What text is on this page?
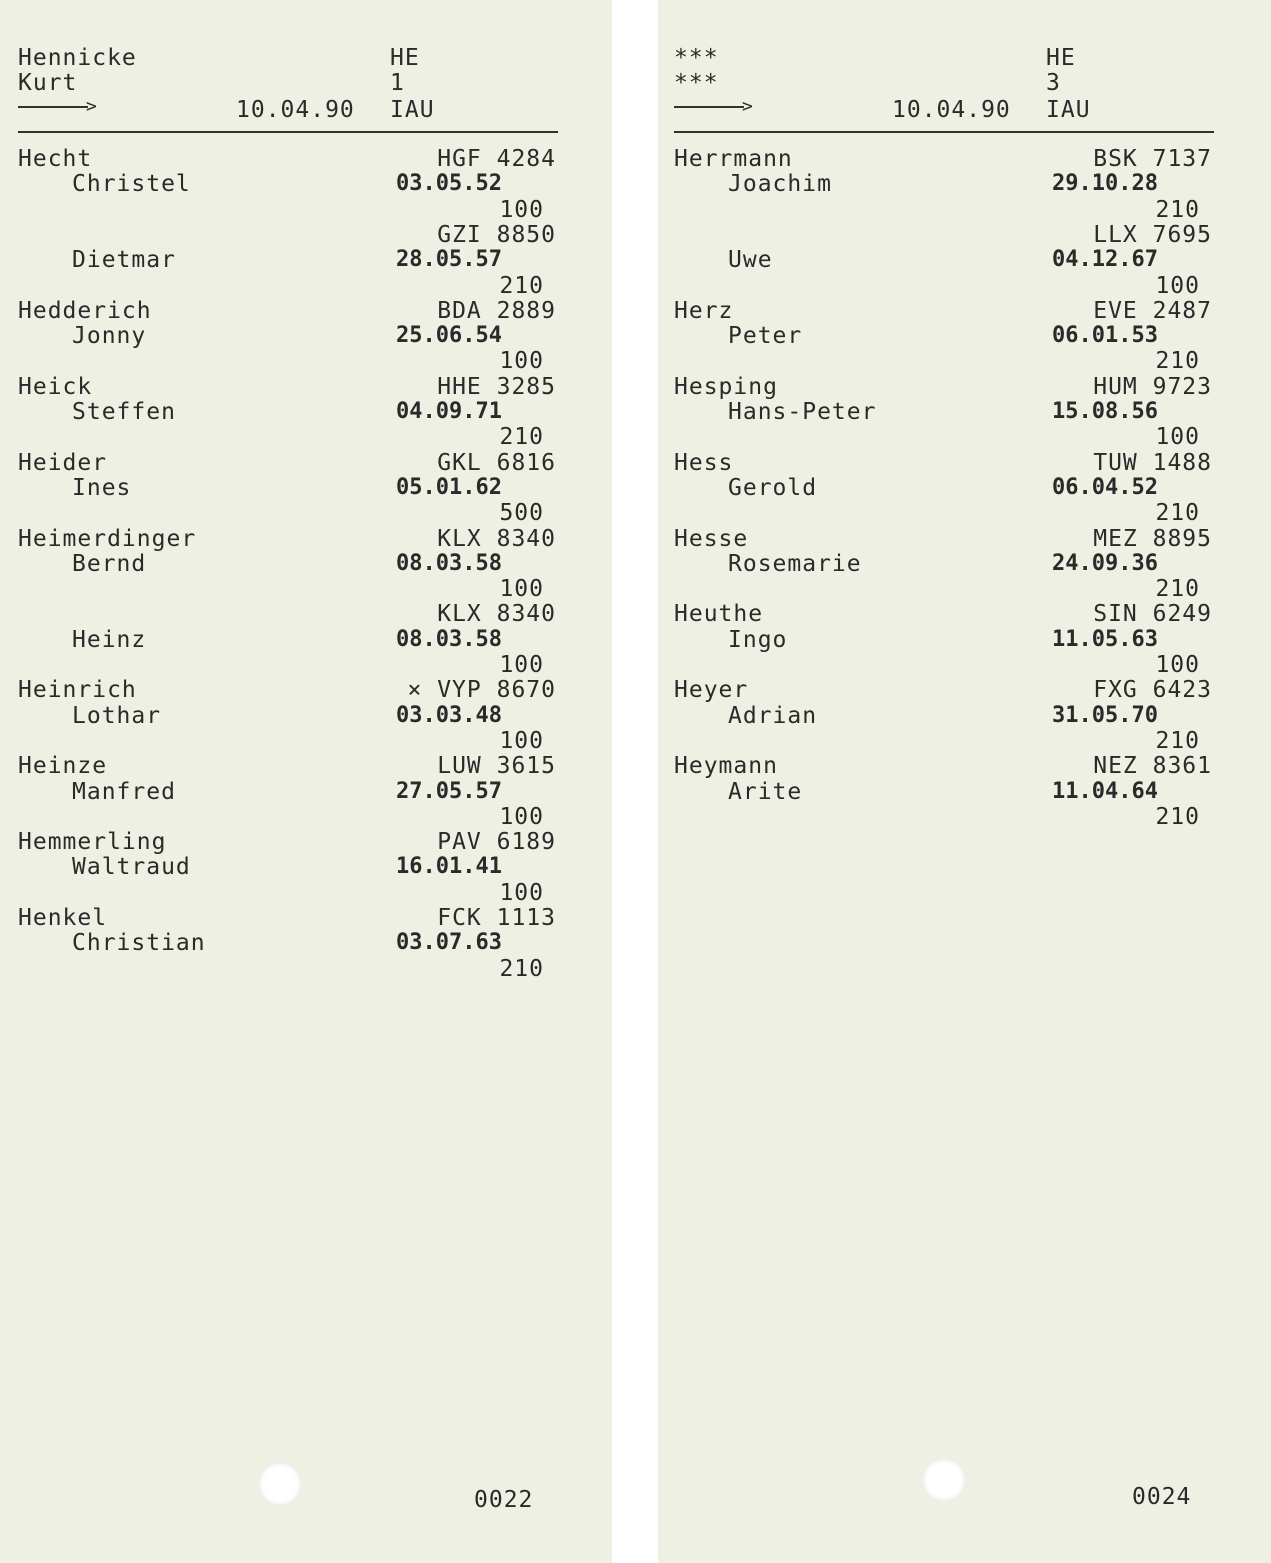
Hennicke
Kurt
>	10.04.90
HE
1
IAU
0022
Hecht	HGF 4284
Christel	03.05.52
100
GZI 8850
Dietmar	28.05.57
210
Hedderich	BDA 2889
Jonny	25.06.54
100
Heick	HHE 3285
Steffen	04.09.71
210
Heider	GKL 6816
Ines	05.01.62
500
Heimerdinger	KLX 8340
Bernd	08.03.58
100
KLX 8340
Heinz	08.03.58
100
Heinrich	× VYP 8670
Lothar	03.03.48
100
Heinze	LUW 3615
Manfred	27.05.57
100
Hemmerling	PAV 6189
Waltraud	16.01.41
100
Henkel	FCK 1113
Christian	03.07.63
210
***
***
>	10.04.90
HE
3
IAU
0024
Herrmann	BSK 7137
Joachim	29.10.28
210
LLX 7695
Uwe	04.12.67
100
Herz	EVE 2487
Peter	06.01.53
210
Hesping	HUM 9723
Hans-Peter	15.08.56
100
Hess	TUW 1488
Gerold	06.04.52
210
Hesse	MEZ 8895
Rosemarie	24.09.36
210
Heuthe	SIN 6249
Ingo	11.05.63
100
Heyer	FXG 6423
Adrian	31.05.70
210
Heymann	NEZ 8361
Arite	11.04.64
210
